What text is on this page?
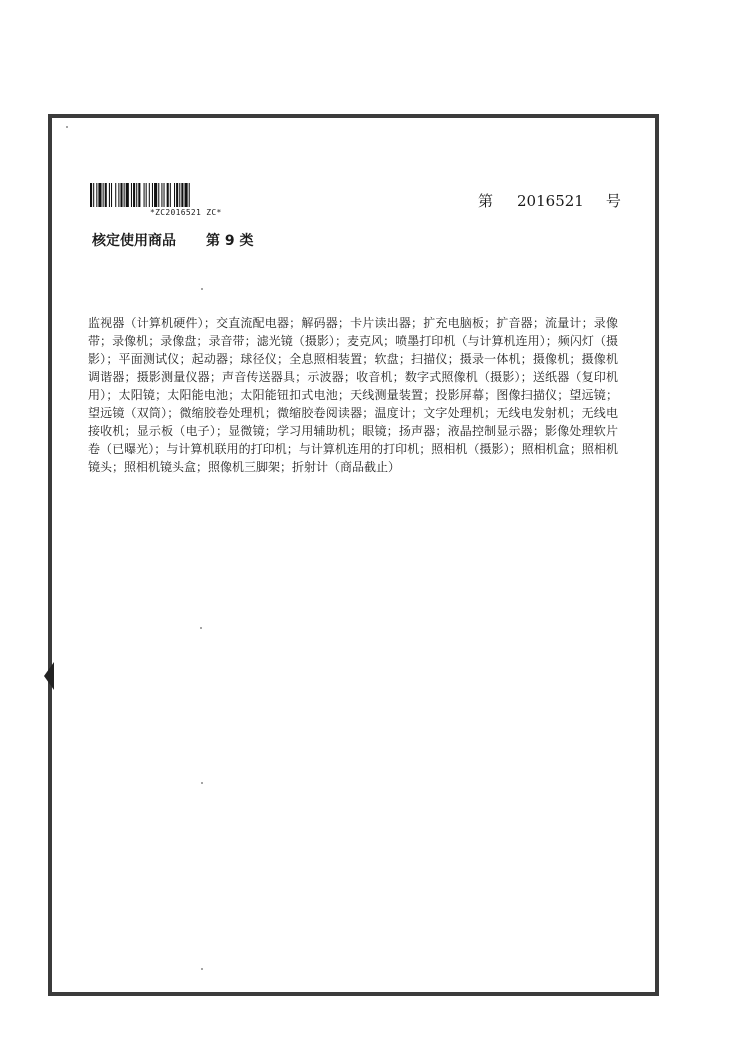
*ZC2016521 ZC*
第 2016521 号
核定使用商品 第 9 类
监视器（计算机硬件）；交直流配电器；解码器；卡片读出器；扩充电脑板；扩音器；流量计；录像带；录像机；录像盘；录音带；滤光镜（摄影）；麦克风；喷墨打印机（与计算机连用）；频闪灯（摄影）；平面测试仪；起动器；球径仪；全息照相装置；软盘；扫描仪；摄录一体机；摄像机；摄像机调谐器；摄影测量仪器；声音传送器具；示波器；收音机；数字式照像机（摄影）；送纸器（复印机用）；太阳镜；太阳能电池；太阳能钮扣式电池；天线测量装置；投影屏幕；图像扫描仪；望远镜；望远镜（双筒）；微缩胶卷处理机；微缩胶卷阅读器；温度计；文字处理机；无线电发射机；无线电接收机；显示板（电子）；显微镜；学习用辅助机；眼镜；扬声器；液晶控制显示器；影像处理软片卷（已曝光）；与计算机联用的打印机；与计算机连用的打印机；照相机（摄影）；照相机盒；照相机镜头；照相机镜头盒；照像机三脚架；折射计（商品截止）
